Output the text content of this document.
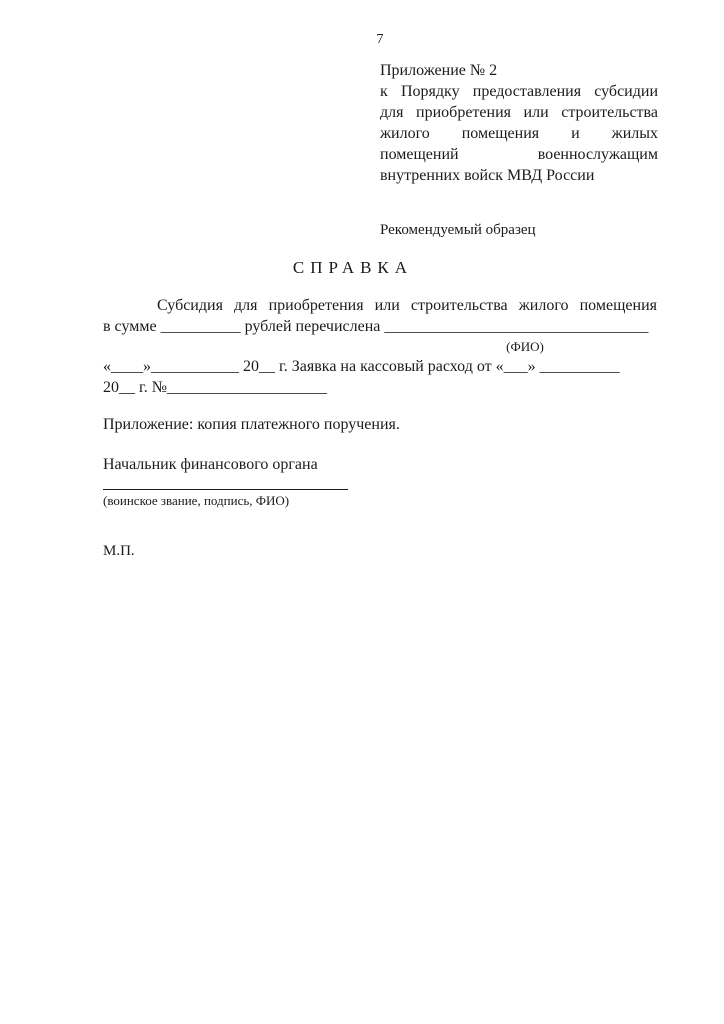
7
Приложение № 2
к Порядку предоставления субсидии
для приобретения или строительства
жилого помещения и жилых
помещений военнослужащим
внутренних войск МВД России
Рекомендуемый образец
СПРАВКА
Субсидия для приобретения или строительства жилого помещения
в сумме __________ рублей перечислена _________________________________
(ФИО)
«____»___________ 20__ г. Заявка на кассовый расход от «___» __________
20__ г. №____________________
Приложение: копия платежного поручения.
Начальник финансового органа
(воинское звание, подпись, ФИО)
М.П.
